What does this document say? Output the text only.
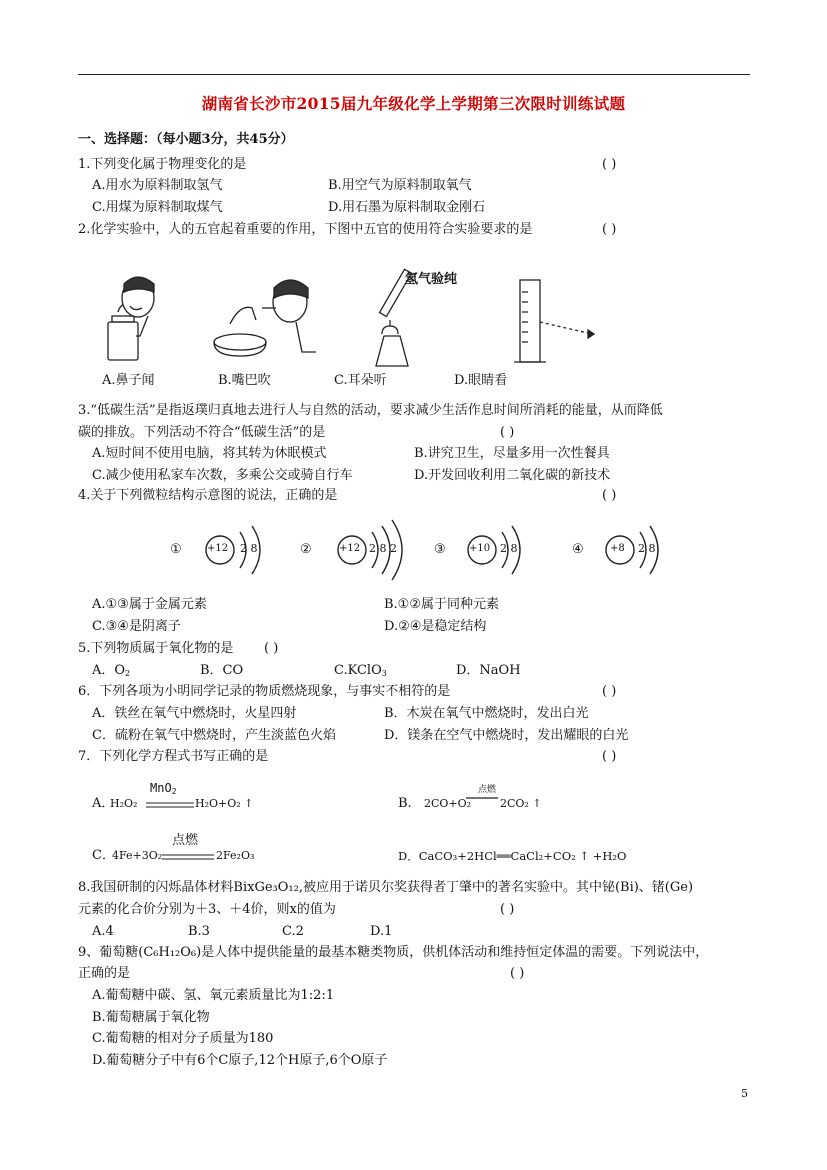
湖南省长沙市2015届九年级化学上学期第三次限时训练试题
一、选择题：（每小题3分，共45分）
1.下列变化属于物理变化的是	( )
A.用水为原料制取氢气	B.用空气为原料制取氧气
C.用煤为原料制取煤气	D.用石墨为原料制取金刚石
2.化学实验中，人的五官起着重要的作用，下图中五官的使用符合实验要求的是	( )
氢气验纯
A.鼻子闻	B.嘴巴吹	C.耳朵听	D.眼睛看
3.“低碳生活”是指返璞归真地去进行人与自然的活动，要求减少生活作息时间所消耗的能量，从而降低
碳的排放。下列活动不符合“低碳生活”的是	( )
A.短时间不使用电脑，将其转为休眠模式	B.讲究卫生，尽量多用一次性餐具
C.减少使用私家车次数，多乘公交或骑自行车	D.开发回收利用二氧化碳的新技术
4.关于下列微粒结构示意图的说法，正确的是	( )
①	+12 2 8	②	+12 2 8 2	③ +10 2 8	④	+8 2 8
A.①③属于金属元素	B.①②属于同种元素
C.③④是阴离子	D.②④是稳定结构
5.下列物质属于氧化物的是 ( )
A．$O_2$	B．CO	C.KClO$_3$	D．NaOH
6．下列各项为小明同学记录的物质燃烧现象，与事实不相符的是	( )
A．铁丝在氧气中燃烧时，火星四射	B．木炭在氧气中燃烧时，发出白光
C．硫粉在氧气中燃烧时，产生淡蓝色火焰	D．镁条在空气中燃烧时，发出耀眼的白光
7．下列化学方程式书写正确的是	( )
MnO$_2$
A．
H₂O₂	H₂O+O₂ ↑
点燃
B. 2CO+O₂	2CO₂ ↑
点燃
C．
4Fe+3O₂	2Fe₂O₃	D．CaCO₃+2HCl══CaCl₂+CO₂ ↑ +H₂O
8.我国研制的闪烁晶体材料BixGe₃O₁₂,被应用于诺贝尔奖获得者丁肇中的著名实验中。其中铋(Bi)、锗(Ge)
元素的化合价分别为＋3、＋4价，则x的值为	( )
A.4	B.3	C.2	D.1
9、葡萄糖(C₆H₁₂O₆)是人体中提供能量的最基本糖类物质，供机体活动和维持恒定体温的需要。下列说法中，
正确的是	( )
A.葡萄糖中碳、氢、氧元素质量比为1:2:1
B.葡萄糖属于氧化物
C.葡萄糖的相对分子质量为180
D.葡萄糖分子中有6个C原子,12个H原子,6个O原子
5
